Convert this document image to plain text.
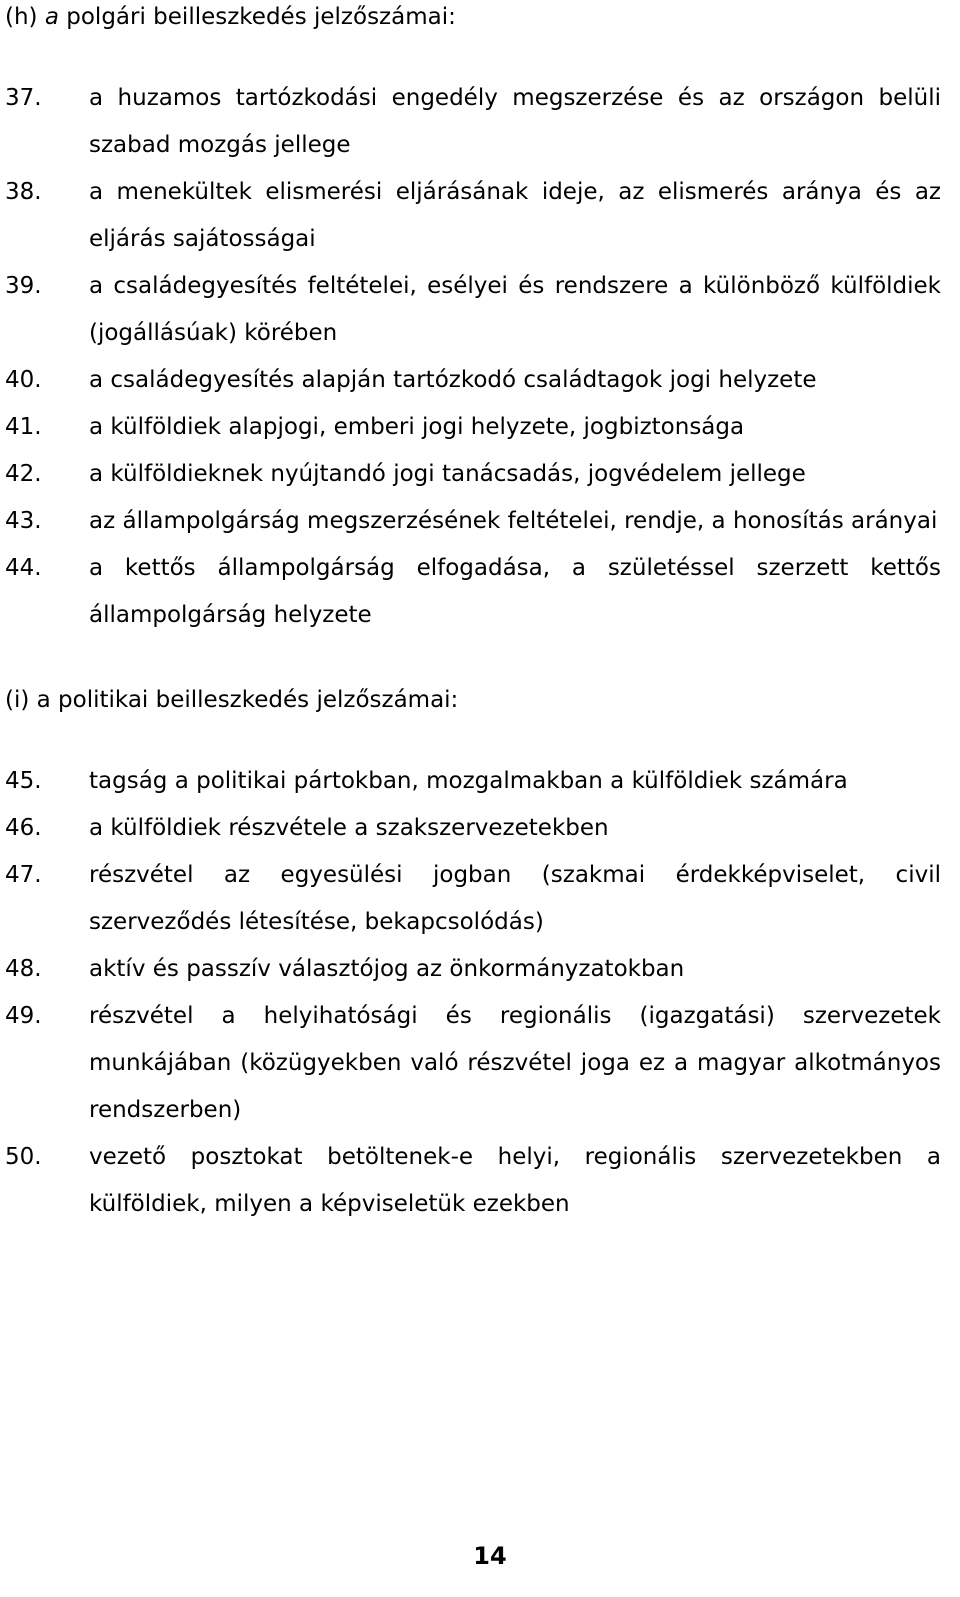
(h) a polgári beilleszkedés jelzőszámai:

37.	a huzamos tartózkodási engedély megszerzése és az országon belüli szabad mozgás jellege
38.	a menekültek elismerési eljárásának ideje, az elismerés aránya és az eljárás sajátosságai
39.	a családegyesítés feltételei, esélyei és rendszere a különböző külföldiek (jogállásúak) körében
40.	a családegyesítés alapján tartózkodó családtagok jogi helyzete
41.	a külföldiek alapjogi, emberi jogi helyzete, jogbiztonsága
42.	a külföldieknek nyújtandó jogi tanácsadás, jogvédelem jellege
43.	az állampolgárság megszerzésének feltételei, rendje, a honosítás arányai
44.	a kettős állampolgárság elfogadása, a születéssel szerzett kettős állampolgárság helyzete

(i) a politikai beilleszkedés jelzőszámai:

45.	tagság a politikai pártokban, mozgalmakban a külföldiek számára
46.	a külföldiek részvétele a szakszervezetekben
47.	részvétel az egyesülési jogban (szakmai érdekképviselet, civil szerveződés létesítése, bekapcsolódás)
48.	aktív és passzív választójog az önkormányzatokban
49.	részvétel a helyihatósági és regionális (igazgatási) szervezetek munkájában (közügyekben való részvétel joga ez a magyar alkotmányos rendszerben)
50.	vezető posztokat betöltenek-e helyi, regionális szervezetekben a külföldiek, milyen a képviseletük ezekben
14
